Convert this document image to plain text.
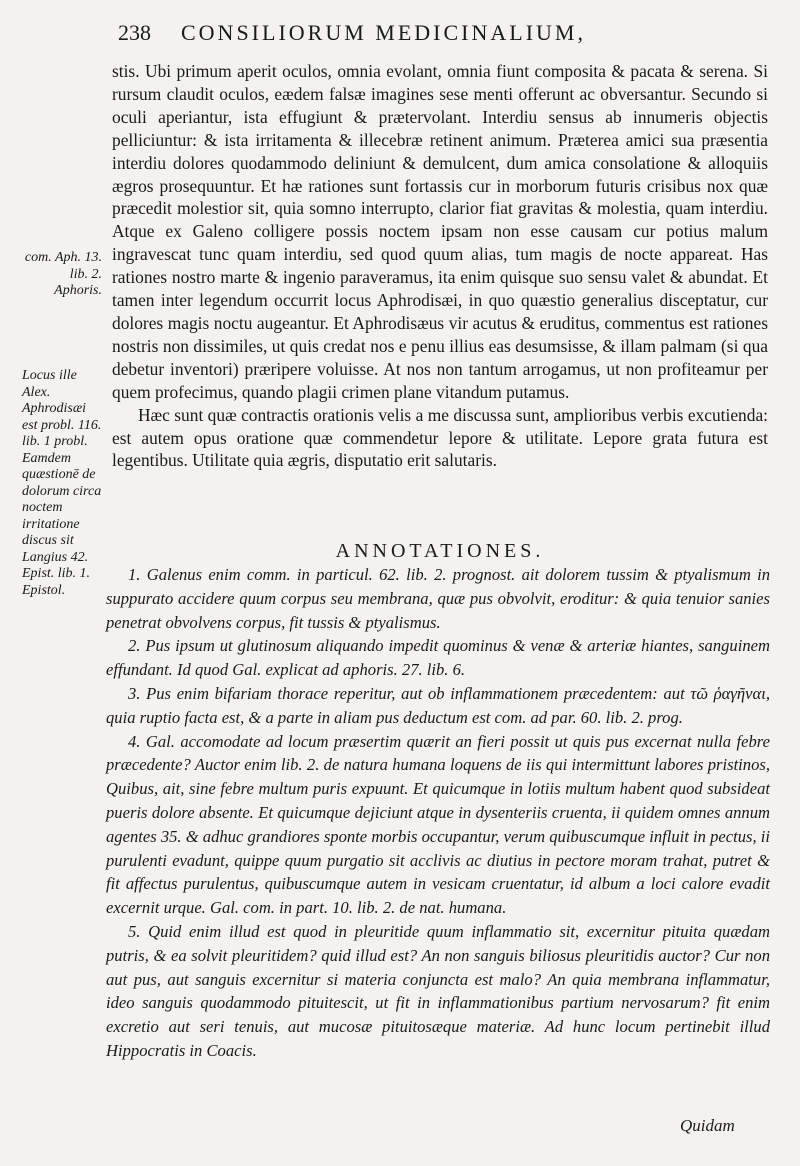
238 CONSILIORUM MEDICINALIUM,
com. Aph. 13. lib. 2. Aphoris.
Locus ille Alex. Aphrodisæi est probl. 116. lib. 1 probl. Eamdem quæstionē de dolorum circa noctem irritatione discus sit Langius 42. Epist. lib. 1. Epistol.

stis. Ubi primum aperit oculos, omnia evolant, omnia fiunt composita & pacata & serena. Si rursum claudit oculos, eædem falsæ imagines sese menti offerunt ac obversantur. Secundo si oculi aperiantur, ista effugiunt & prætervolant. Interdiu sensus ab innumeris objectis pelliciuntur: & ista irritamenta & illecebræ retinent animum. Præterea amici sua præsentia interdiu dolores quodammodo deliniunt & demulcent, dum amica consolatione & alloquiis ægros prosequuntur. Et hæ rationes sunt fortassis cur in morborum futuris crisibus nox quæ præcedit molestior sit, quia somno interrupto, clarior fiat gravitas & molestia, quam interdiu. Atque ex Galeno colligere possis noctem ipsam non esse causam cur potius malum ingravescat tunc quam interdiu, sed quod quum alias, tum magis de nocte appareat. Has rationes nostro marte & ingenio paraveramus, ita enim quisque suo sensu valet & abundat. Et tamen inter legendum occurrit locus Aphrodisæi, in quo quæstio generalius disceptatur, cur dolores magis noctu augeantur. Et Aphrodisæus vir acutus & eruditus, commentus est rationes nostris non dissimiles, ut quis credat nos e penu illius eas desumsisse, & illam palmam (si qua debetur inventori) præripere voluisse. At nos non tantum arrogamus, ut non profiteamur per quem profecimus, quando plagii crimen plane vitandum putamus.

Hæc sunt quæ contractis orationis velis a me discussa sunt, amplioribus verbis excutienda: est autem opus oratione quæ commendetur lepore & utilitate. Lepore grata futura est legentibus. Utilitate quia ægris, disputatio erit salutaris.

ANNOTATIONES.

1. Galenus enim comm. in particul. 62. lib. 2. prognost. ait dolorem tussim & ptyalismum in suppurato accidere quum corpus seu membrana, quæ pus obvolvit, eroditur: & quia tenuior sanies penetrat obvolvens corpus, fit tussis & ptyalismus.

2. Pus ipsum ut glutinosum aliquando impedit quominus & venæ & arteriæ hiantes, sanguinem effundant. Id quod Gal. explicat ad aphoris. 27. lib. 6.

3. Pus enim bifariam thorace reperitur, aut ob inflammationem præcedentem: aut τῶ ῥαγῆναι, quia ruptio facta est, & a parte in aliam pus deductum est com. ad par. 60. lib. 2. prog.

4. Gal. accomodate ad locum præsertim quærit an fieri possit ut quis pus excernat nulla febre præcedente? Auctor enim lib. 2. de natura humana loquens de iis qui intermittunt labores pristinos, Quibus, ait, sine febre multum puris expuunt. Et quicumque in lotiis multum habent quod subsideat pueris dolore absente. Et quicumque dejiciunt atque in dysenteriis cruenta, ii quidem omnes annum agentes 35. & adhuc grandiores sponte morbis occupantur, verum quibuscumque influit in pectus, ii purulenti evadunt, quippe quum purgatio sit acclivis ac diutius in pectore moram trahat, putret & fit affectus purulentus, quibuscumque autem in vesicam cruentatur, id album a loci calore evadit excernit urque. Gal. com. in part. 10. lib. 2. de nat. humana.

5. Quid enim illud est quod in pleuritide quum inflammatio sit, excernitur pituita quædam putris, & ea solvit pleuritidem? quid illud est? An non sanguis biliosus pleuritidis auctor? Cur non aut pus, aut sanguis excernitur si materia conjuncta est malo? An quia membrana inflammatur, ideo sanguis quodammodo pituitescit, ut fit in inflammationibus partium nervosarum? fit enim excretio aut seri tenuis, aut mucosæ pituitosæque materiæ. Ad hunc locum pertinebit illud Hippocratis in Coacis.

Quidam
